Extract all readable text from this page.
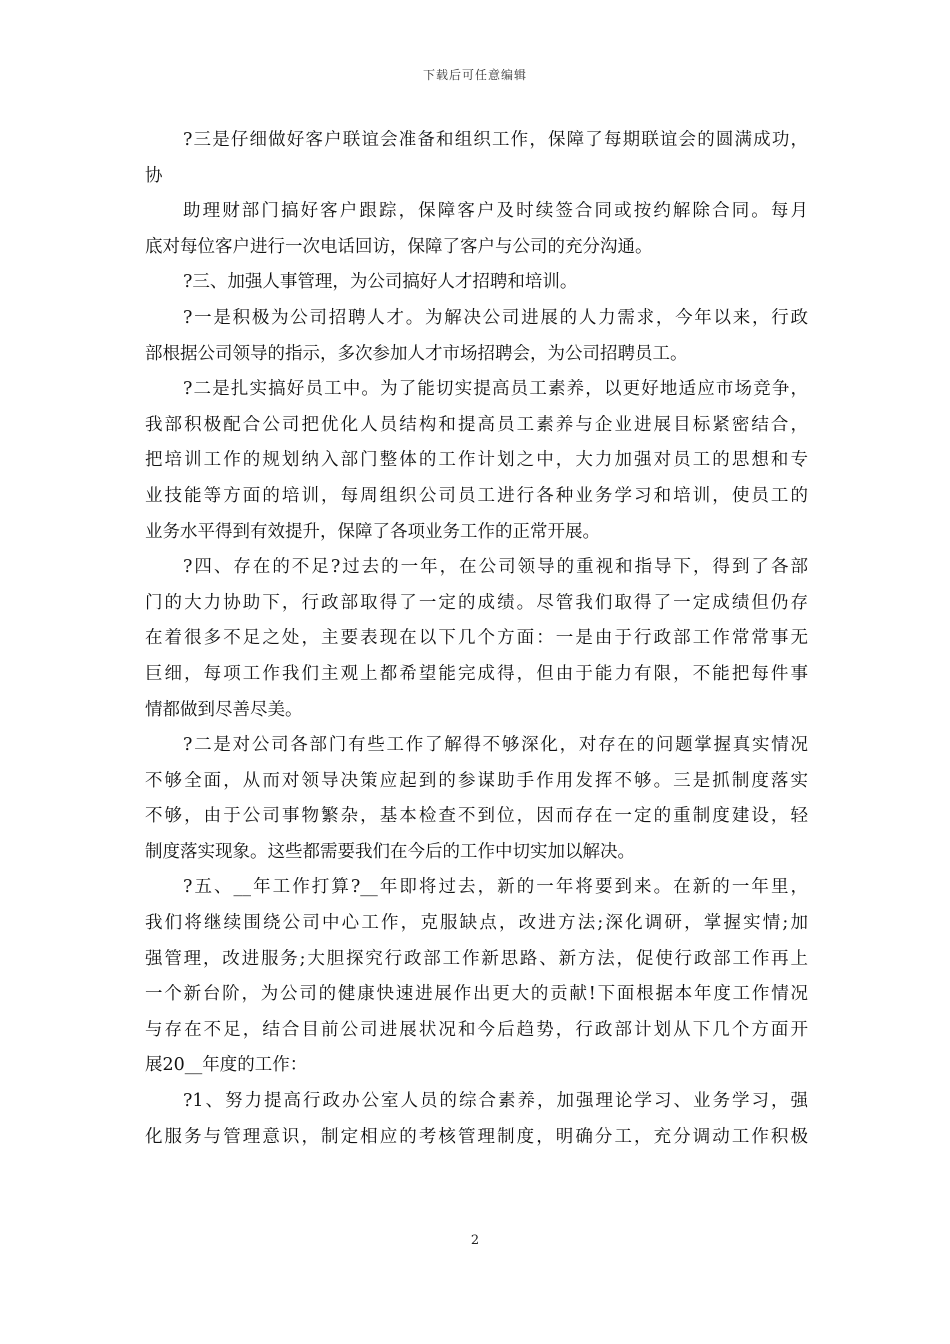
下载后可任意编辑
?三是仔细做好客户联谊会准备和组织工作，保障了每期联谊会的圆满成功，
协
助理财部门搞好客户跟踪，保障客户及时续签合同或按约解除合同。每月
底对每位客户进行一次电话回访，保障了客户与公司的充分沟通。
?三、加强人事管理，为公司搞好人才招聘和培训。
?一是积极为公司招聘人才。为解决公司进展的人力需求，今年以来，行政
部根据公司领导的指示，多次参加人才市场招聘会，为公司招聘员工。
?二是扎实搞好员工中。为了能切实提高员工素养，以更好地适应市场竞争，
我部积极配合公司把优化人员结构和提高员工素养与企业进展目标紧密结合，
把培训工作的规划纳入部门整体的工作计划之中，大力加强对员工的思想和专
业技能等方面的培训，每周组织公司员工进行各种业务学习和培训，使员工的
业务水平得到有效提升，保障了各项业务工作的正常开展。
?四、存在的不足?过去的一年，在公司领导的重视和指导下，得到了各部
门的大力协助下，行政部取得了一定的成绩。尽管我们取得了一定成绩但仍存
在着很多不足之处，主要表现在以下几个方面：一是由于行政部工作常常事无
巨细，每项工作我们主观上都希望能完成得，但由于能力有限，不能把每件事
情都做到尽善尽美。
?二是对公司各部门有些工作了解得不够深化，对存在的问题掌握真实情况
不够全面，从而对领导决策应起到的参谋助手作用发挥不够。三是抓制度落实
不够，由于公司事物繁杂，基本检查不到位，因而存在一定的重制度建设，轻
制度落实现象。这些都需要我们在今后的工作中切实加以解决。
?五、__年工作打算?__年即将过去，新的一年将要到来。在新的一年里，
我们将继续围绕公司中心工作，克服缺点，改进方法;深化调研，掌握实情;加
强管理，改进服务;大胆探究行政部工作新思路、新方法，促使行政部工作再上
一个新台阶，为公司的健康快速进展作出更大的贡献!下面根据本年度工作情况
与存在不足，结合目前公司进展状况和今后趋势，行政部计划从下几个方面开
展20__年度的工作：
?1、努力提高行政办公室人员的综合素养，加强理论学习、业务学习，强
化服务与管理意识，制定相应的考核管理制度，明确分工，充分调动工作积极
2
